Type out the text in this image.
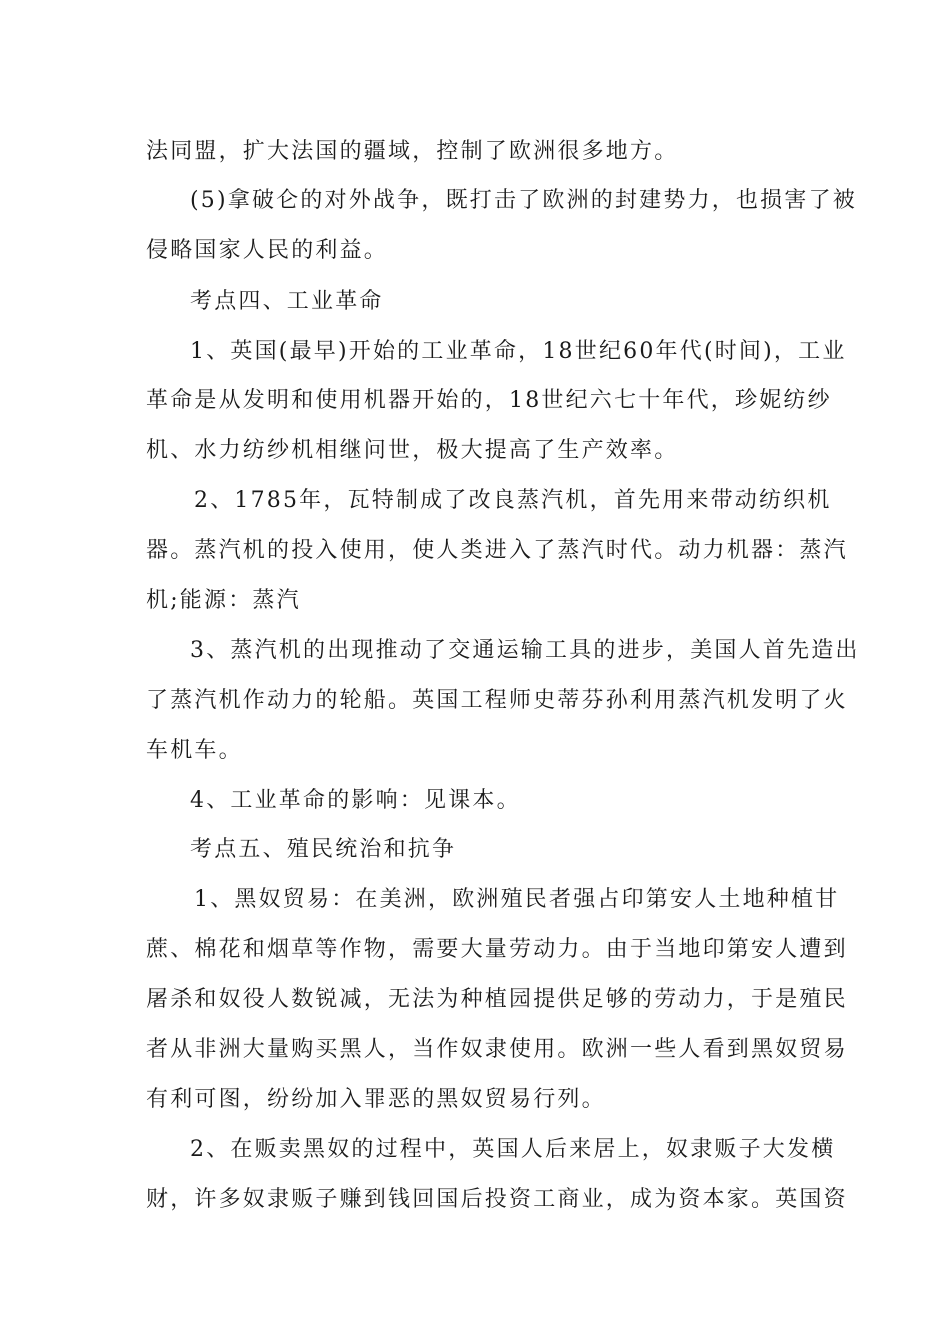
法同盟，扩大法国的疆域，控制了欧洲很多地方。
(5)拿破仑的对外战争，既打击了欧洲的封建势力，也损害了被
侵略国家人民的利益。
考点四、工业革命
1、英国(最早)开始的工业革命，18世纪60年代(时间)，工业
革命是从发明和使用机器开始的，18世纪六七十年代，珍妮纺纱
机、水力纺纱机相继问世，极大提高了生产效率。
2、1785年，瓦特制成了改良蒸汽机，首先用来带动纺织机
器。蒸汽机的投入使用，使人类进入了蒸汽时代。动力机器：蒸汽
机;能源：蒸汽
3、蒸汽机的出现推动了交通运输工具的进步，美国人首先造出
了蒸汽机作动力的轮船。英国工程师史蒂芬孙利用蒸汽机发明了火
车机车。
4、工业革命的影响：见课本。
考点五、殖民统治和抗争
1、黑奴贸易：在美洲，欧洲殖民者强占印第安人土地种植甘
蔗、棉花和烟草等作物，需要大量劳动力。由于当地印第安人遭到
屠杀和奴役人数锐减，无法为种植园提供足够的劳动力，于是殖民
者从非洲大量购买黑人，当作奴隶使用。欧洲一些人看到黑奴贸易
有利可图，纷纷加入罪恶的黑奴贸易行列。
2、在贩卖黑奴的过程中，英国人后来居上，奴隶贩子大发横
财，许多奴隶贩子赚到钱回国后投资工商业，成为资本家。英国资
